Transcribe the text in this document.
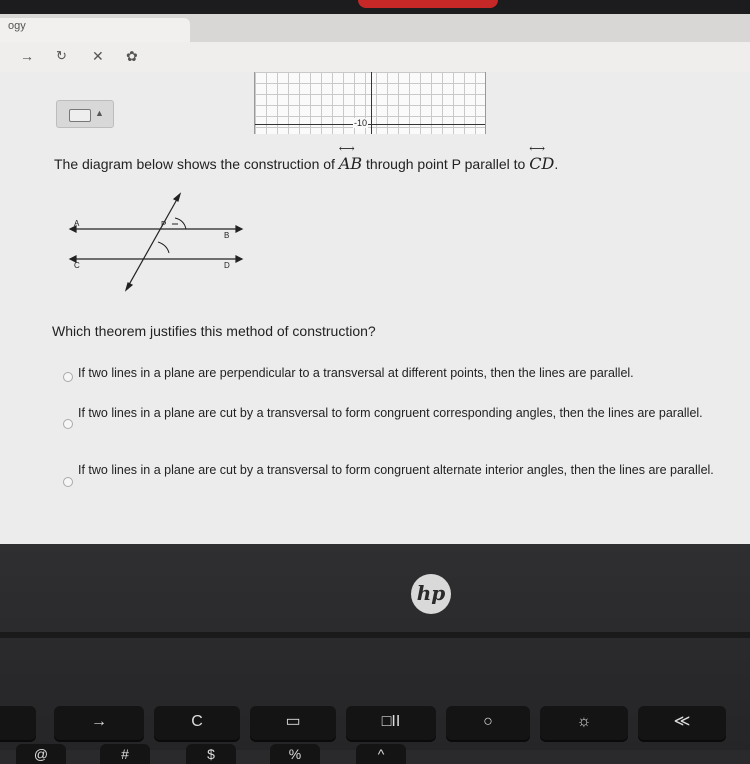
ogy
→ ↻ ✕ ✿
▲
-10
The diagram below shows the construction of
⟷
AB through point P parallel to
⟷
CD.
A
B
C	D
P
Which theorem justifies this method of construction?
If two lines in a plane are perpendicular to a transversal at different points, then the lines are parallel.
If two lines in a plane are cut by a transversal to form congruent corresponding angles, then the lines are parallel.
If two lines in a plane are cut by a transversal to form congruent alternate interior angles, then the lines are parallel.
hp
→	C	▭	□II	○	☼	≪
@	#	$	%	^
